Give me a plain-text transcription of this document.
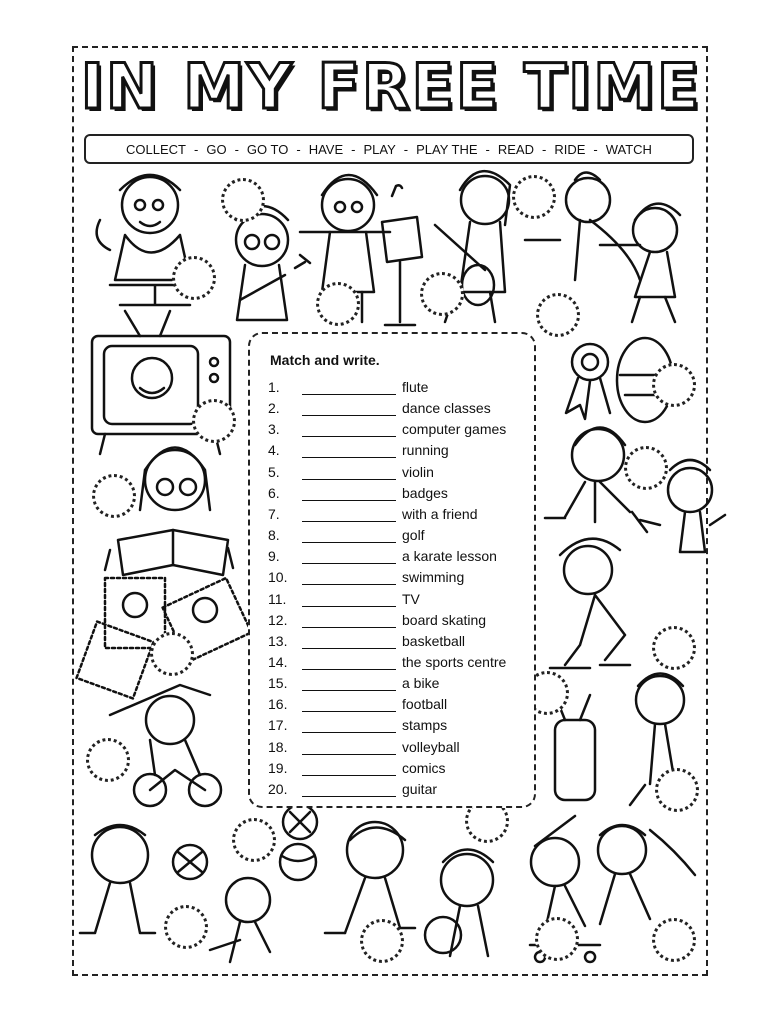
IN MY FREE TIME
COLLECT - GO - GO TO - HAVE - PLAY - PLAY THE - READ - RIDE - WATCH
Match and write.
1.	flute
2.	dance classes
3.	computer games
4.	running
5.	violin
6.	badges
7.	with a friend
8.	golf
9.	a karate lesson
10.	swimming
11.	TV
12.	board skating
13.	basketball
14.	the sports centre
15.	a bike
16.	football
17.	stamps
18.	volleyball
19.	comics
20.	guitar
